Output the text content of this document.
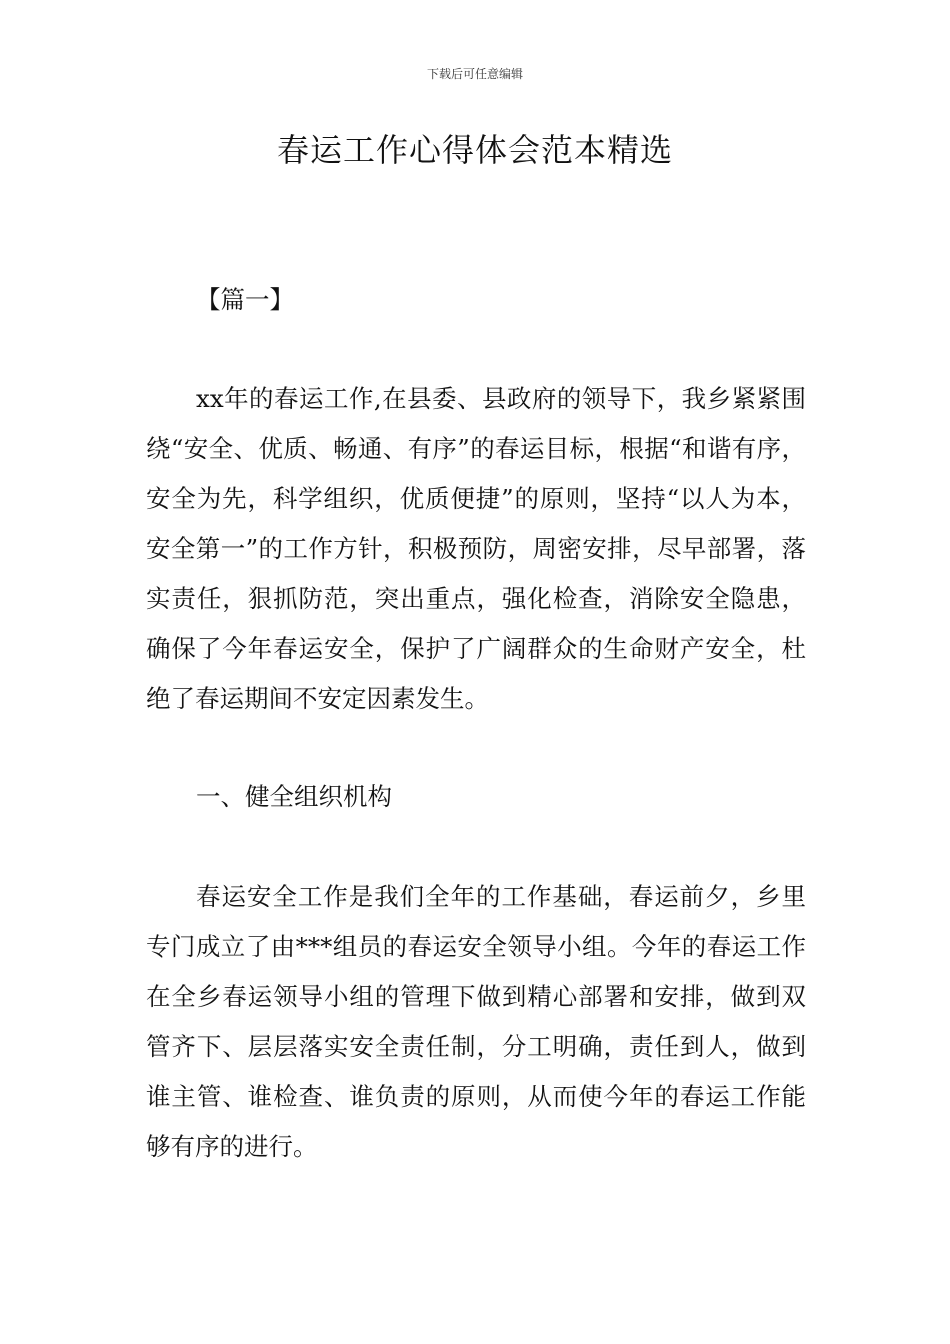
下载后可任意编辑
春运工作心得体会范本精选
【篇一】

xx年的春运工作,在县委、县政府的领导下，我乡紧紧围绕“安全、优质、畅通、有序”的春运目标，根据“和谐有序，安全为先，科学组织，优质便捷”的原则，坚持“以人为本，安全第一”的工作方针，积极预防，周密安排，尽早部署，落实责任，狠抓防范，突出重点，强化检查，消除安全隐患，确保了今年春运安全，保护了广阔群众的生命财产安全，杜绝了春运期间不安定因素发生。

一、健全组织机构

春运安全工作是我们全年的工作基础，春运前夕，乡里专门成立了由***组员的春运安全领导小组。今年的春运工作在全乡春运领导小组的管理下做到精心部署和安排，做到双管齐下、层层落实安全责任制，分工明确，责任到人，做到谁主管、谁检查、谁负责的原则，从而使今年的春运工作能够有序的进行。
